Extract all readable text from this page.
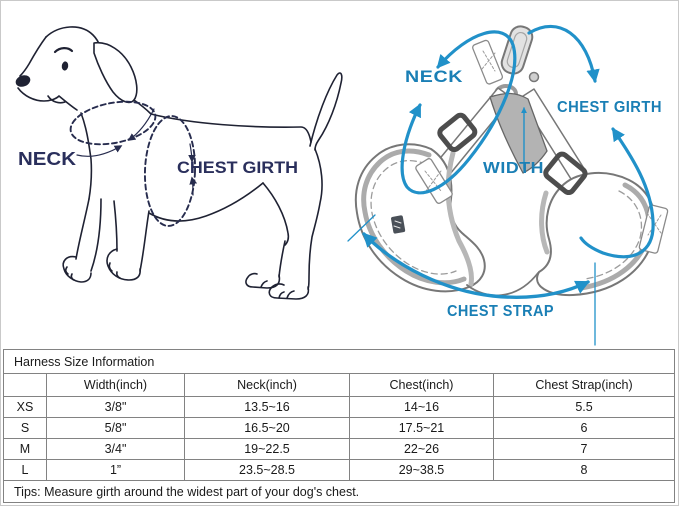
NECK	CHEST GIRTH
NECK
CHEST GIRTH
WIDTH
CHEST STRAP
Harness Size Information				
	Width(inch)	Neck(inch)	Chest(inch)	Chest Strap(inch)
XS	3/8"	13.5~16	14~16	5.5
S	5/8"	16.5~20	17.5~21	6
M	3/4"	19~22.5	22~26	7
L	1”	23.5~28.5	29~38.5	8
Tips: Measure girth around the widest part of your dog's chest.				
